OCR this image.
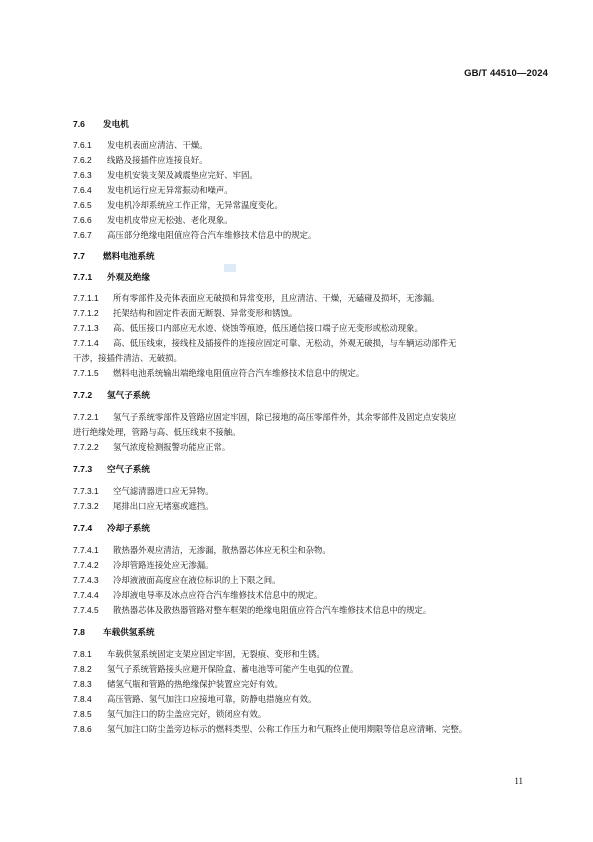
GB/T 44510—2024
7.6 发电机
7.6.1 发电机表面应清洁、干燥。
7.6.2 线路及接插件应连接良好。
7.6.3 发电机安装支架及减震垫应完好、牢固。
7.6.4 发电机运行应无异常振动和噪声。
7.6.5 发电机冷却系统应工作正常，无异常温度变化。
7.6.6 发电机皮带应无松弛、老化现象。
7.6.7 高压部分绝缘电阻值应符合汽车维修技术信息中的规定。
7.7 燃料电池系统
7.7.1 外观及绝缘
7.7.1.1 所有零部件及壳体表面应无破损和异常变形，且应清洁、干燥，无磕碰及损坏，无渗漏。
7.7.1.2 托架结构和固定件表面无断裂、异常变形和锈蚀。
7.7.1.3 高、低压接口内部应无水迹、烧蚀等痕迹，低压通信接口端子应无变形或松动现象。
7.7.1.4 高、低压线束，接线柱及插接件的连接应固定可靠、无松动，外观无破损，与车辆运动部件无
干涉，接插件清洁、无破损。
7.7.1.5 燃料电池系统输出端绝缘电阻值应符合汽车维修技术信息中的规定。
7.7.2 氢气子系统
7.7.2.1 氢气子系统零部件及管路应固定牢固，除已接地的高压零部件外，其余零部件及固定点安装应
进行绝缘处理，管路与高、低压线束不接触。
7.7.2.2 氢气浓度检测报警功能应正常。
7.7.3 空气子系统
7.7.3.1 空气滤清器进口应无异物。
7.7.3.2 尾排出口应无堵塞或遮挡。
7.7.4 冷却子系统
7.7.4.1 散热器外观应清洁，无渗漏，散热器芯体应无积尘和杂物。
7.7.4.2 冷却管路连接处应无渗漏。
7.7.4.3 冷却液液面高度应在液位标识的上下限之间。
7.7.4.4 冷却液电导率及冰点应符合汽车维修技术信息中的规定。
7.7.4.5 散热器芯体及散热器管路对整车框架的绝缘电阻值应符合汽车维修技术信息中的规定。
7.8 车载供氢系统
7.8.1 车载供氢系统固定支架应固定牢固，无裂痕、变形和生锈。
7.8.2 氢气子系统管路接头应避开保险盒、蓄电池等可能产生电弧的位置。
7.8.3 储氢气瓶和管路的热绝缘保护装置应完好有效。
7.8.4 高压管路、氢气加注口应接地可靠，防静电措施应有效。
7.8.5 氢气加注口的防尘盖应完好，锁闭应有效。
7.8.6 氢气加注口防尘盖旁边标示的燃料类型、公称工作压力和气瓶终止使用期限等信息应清晰、完整。
11
